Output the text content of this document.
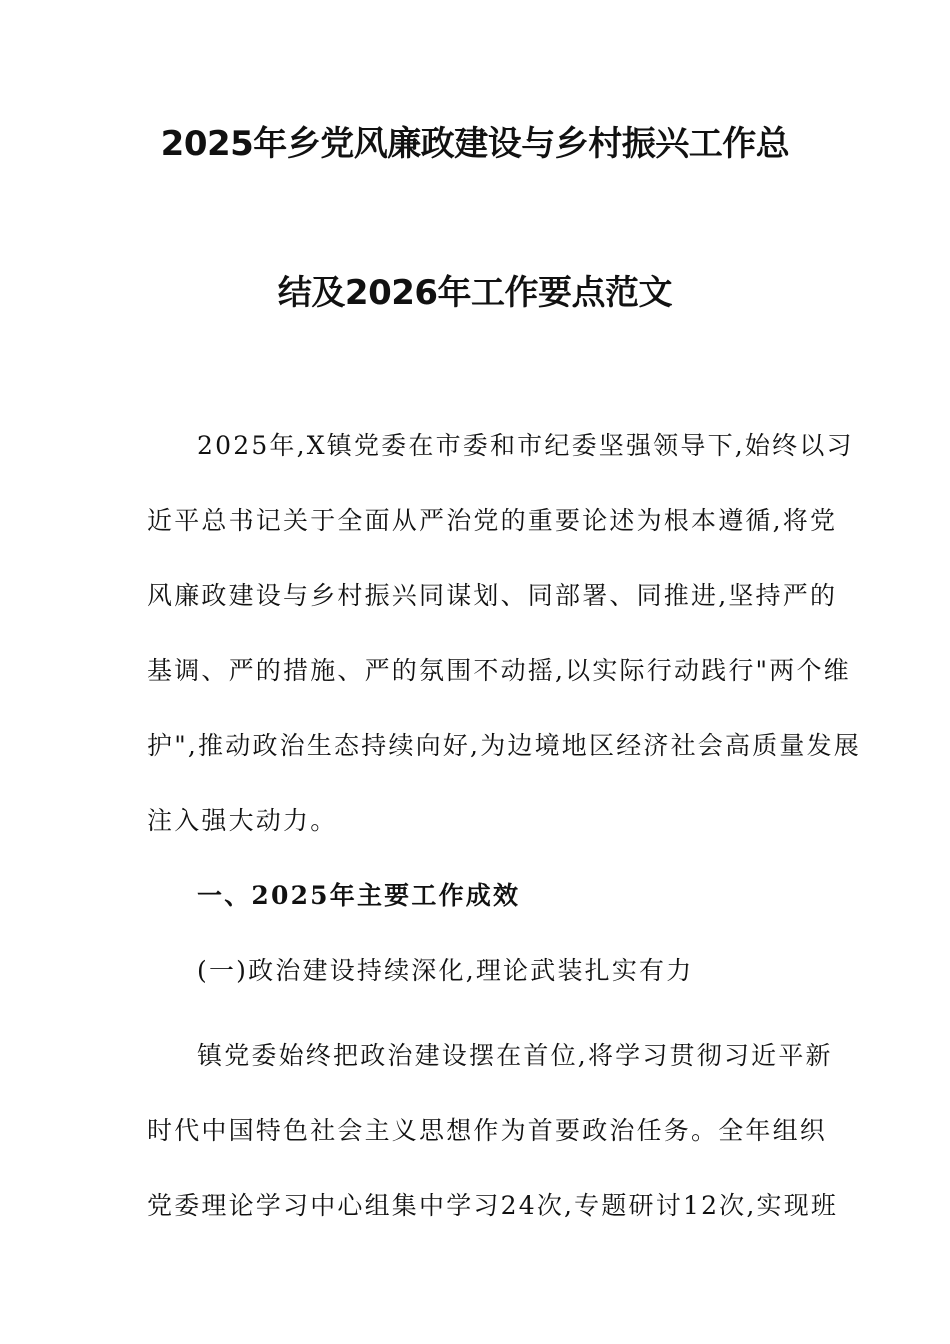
2025年乡党风廉政建设与乡村振兴工作总
结及2026年工作要点范文
2025年,X镇党委在市委和市纪委坚强领导下,始终以习
近平总书记关于全面从严治党的重要论述为根本遵循,将党
风廉政建设与乡村振兴同谋划、同部署、同推进,坚持严的
基调、严的措施、严的氛围不动摇,以实际行动践行"两个维
护",推动政治生态持续向好,为边境地区经济社会高质量发展
注入强大动力。
一、2025年主要工作成效
(一)政治建设持续深化,理论武装扎实有力
镇党委始终把政治建设摆在首位,将学习贯彻习近平新
时代中国特色社会主义思想作为首要政治任务。全年组织
党委理论学习中心组集中学习24次,专题研讨12次,实现班
